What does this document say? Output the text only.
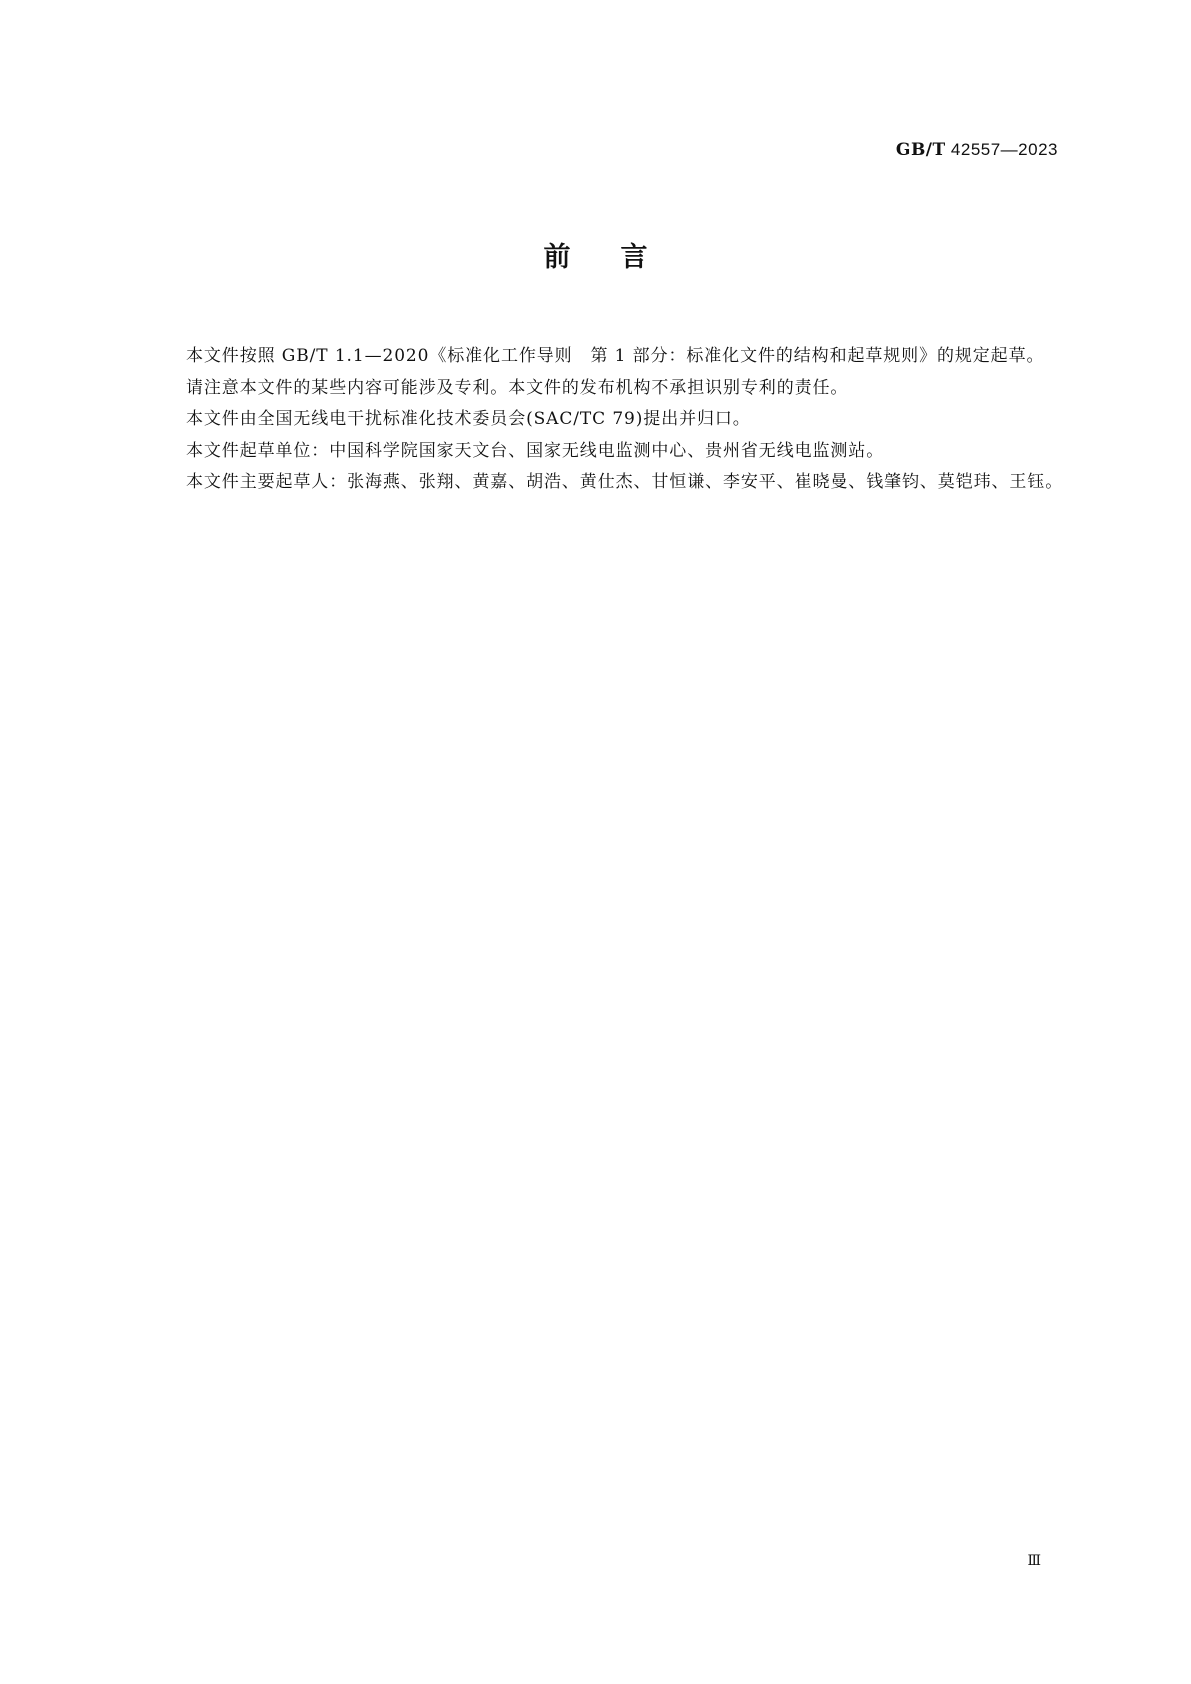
GB/T 42557—2023
前言

本文件按照 GB/T 1.1—2020《标准化工作导则　第 1 部分：标准化文件的结构和起草规则》的规定起草。

请注意本文件的某些内容可能涉及专利。本文件的发布机构不承担识别专利的责任。

本文件由全国无线电干扰标准化技术委员会(SAC/TC 79)提出并归口。

本文件起草单位：中国科学院国家天文台、国家无线电监测中心、贵州省无线电监测站。

本文件主要起草人：张海燕、张翔、黄嘉、胡浩、黄仕杰、甘恒谦、李安平、崔晓曼、钱肇钧、莫铠玮、王钰。

Ⅲ
